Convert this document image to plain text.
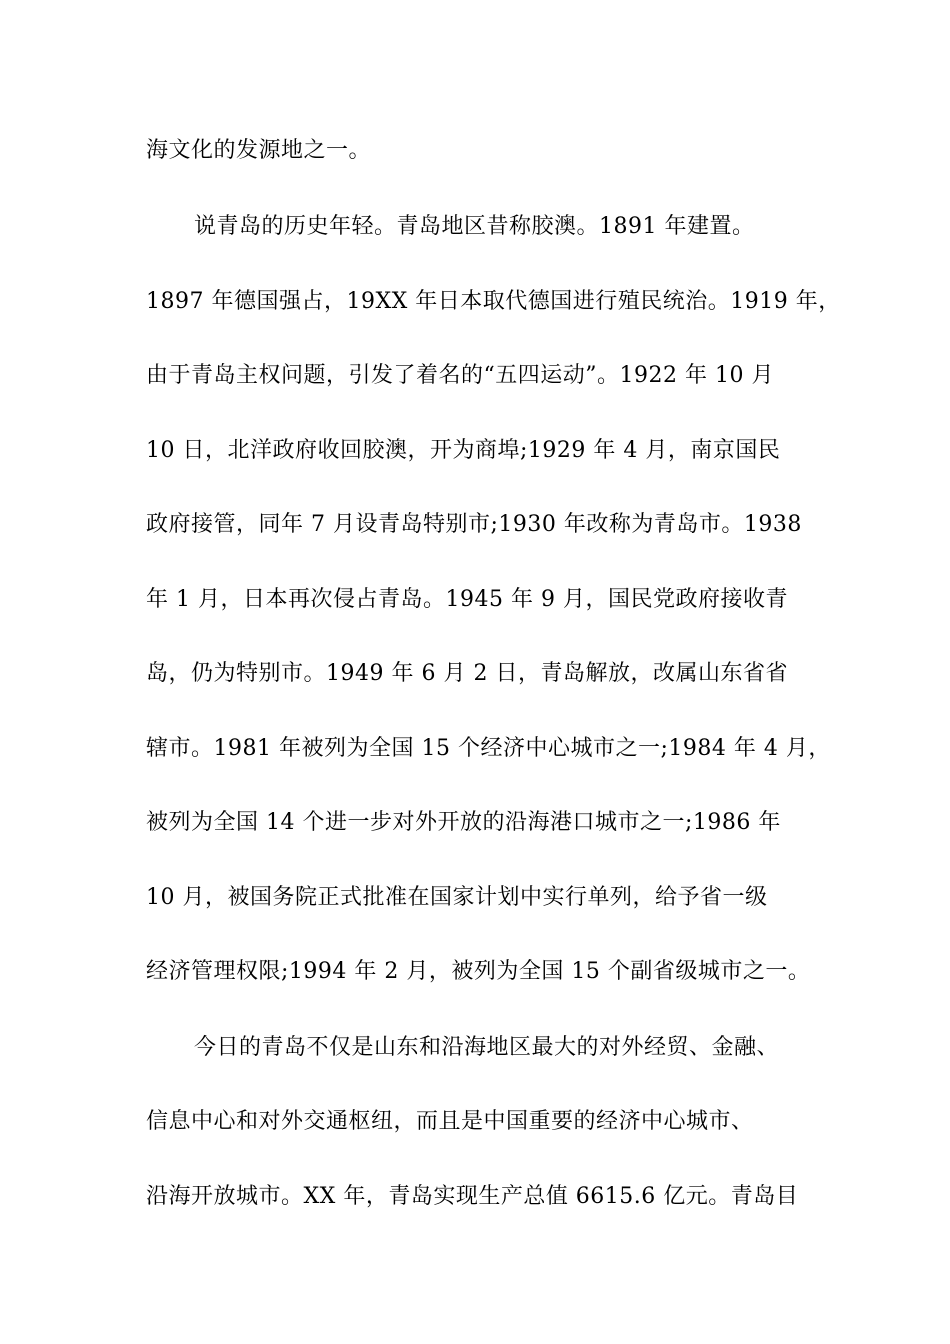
海文化的发源地之一。
说青岛的历史年轻。青岛地区昔称胶澳。1891 年建置。
1897 年德国强占，19XX 年日本取代德国进行殖民统治。1919 年，
由于青岛主权问题，引发了着名的“五四运动”。1922 年 10 月
10 日，北洋政府收回胶澳，开为商埠;1929 年 4 月，南京国民
政府接管，同年 7 月设青岛特别市;1930 年改称为青岛市。1938
年 1 月，日本再次侵占青岛。1945 年 9 月，国民党政府接收青
岛，仍为特别市。1949 年 6 月 2 日，青岛解放，改属山东省省
辖市。1981 年被列为全国 15 个经济中心城市之一;1984 年 4 月，
被列为全国 14 个进一步对外开放的沿海港口城市之一;1986 年
10 月，被国务院正式批准在国家计划中实行单列，给予省一级
经济管理权限;1994 年 2 月，被列为全国 15 个副省级城市之一。
今日的青岛不仅是山东和沿海地区最大的对外经贸、金融、
信息中心和对外交通枢纽，而且是中国重要的经济中心城市、
沿海开放城市。XX 年，青岛实现生产总值 6615.6 亿元。青岛目
